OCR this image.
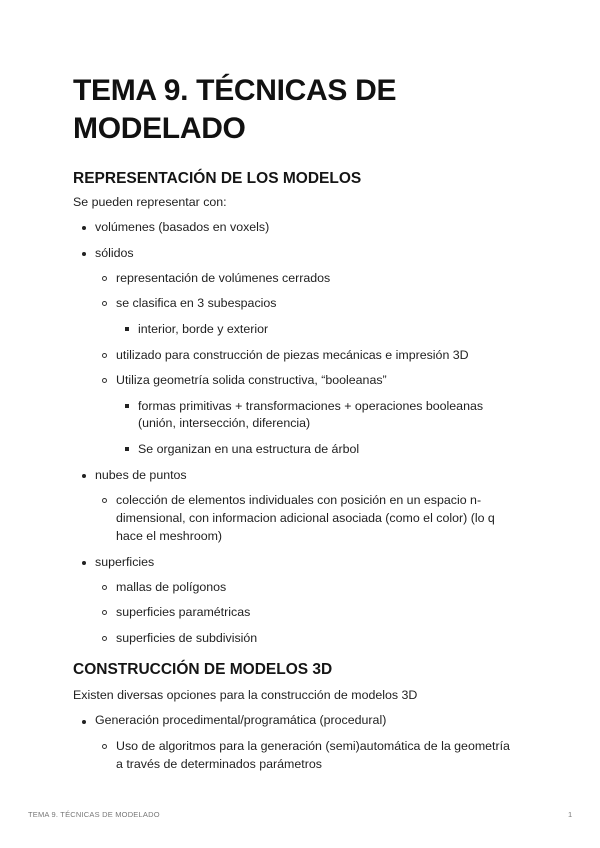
TEMA 9. TÉCNICAS DE MODELADO
REPRESENTACIÓN DE LOS MODELOS
Se pueden representar con:
volúmenes (basados en voxels)
sólidos
representación de volúmenes cerrados
se clasifica en 3 subespacios
interior, borde y exterior
utilizado para construcción de piezas mecánicas e impresión 3D
Utiliza geometría solida constructiva, “booleanas”
formas primitivas + transformaciones + operaciones booleanas
(unión, intersección, diferencia)
Se organizan en una estructura de árbol
nubes de puntos
colección de elementos individuales con posición en un espacio n-
dimensional, con informacion adicional asociada (como el color) (lo q
hace el meshroom)
superficies
mallas de polígonos
superficies paramétricas
superficies de subdivisión
CONSTRUCCIÓN DE MODELOS 3D
Existen diversas opciones para la construcción de modelos 3D
Generación procedimental/programática (procedural)
Uso de algoritmos para la generación (semi)automática de la geometría
a través de determinados parámetros
TEMA 9. TÉCNICAS DE MODELADO	1
